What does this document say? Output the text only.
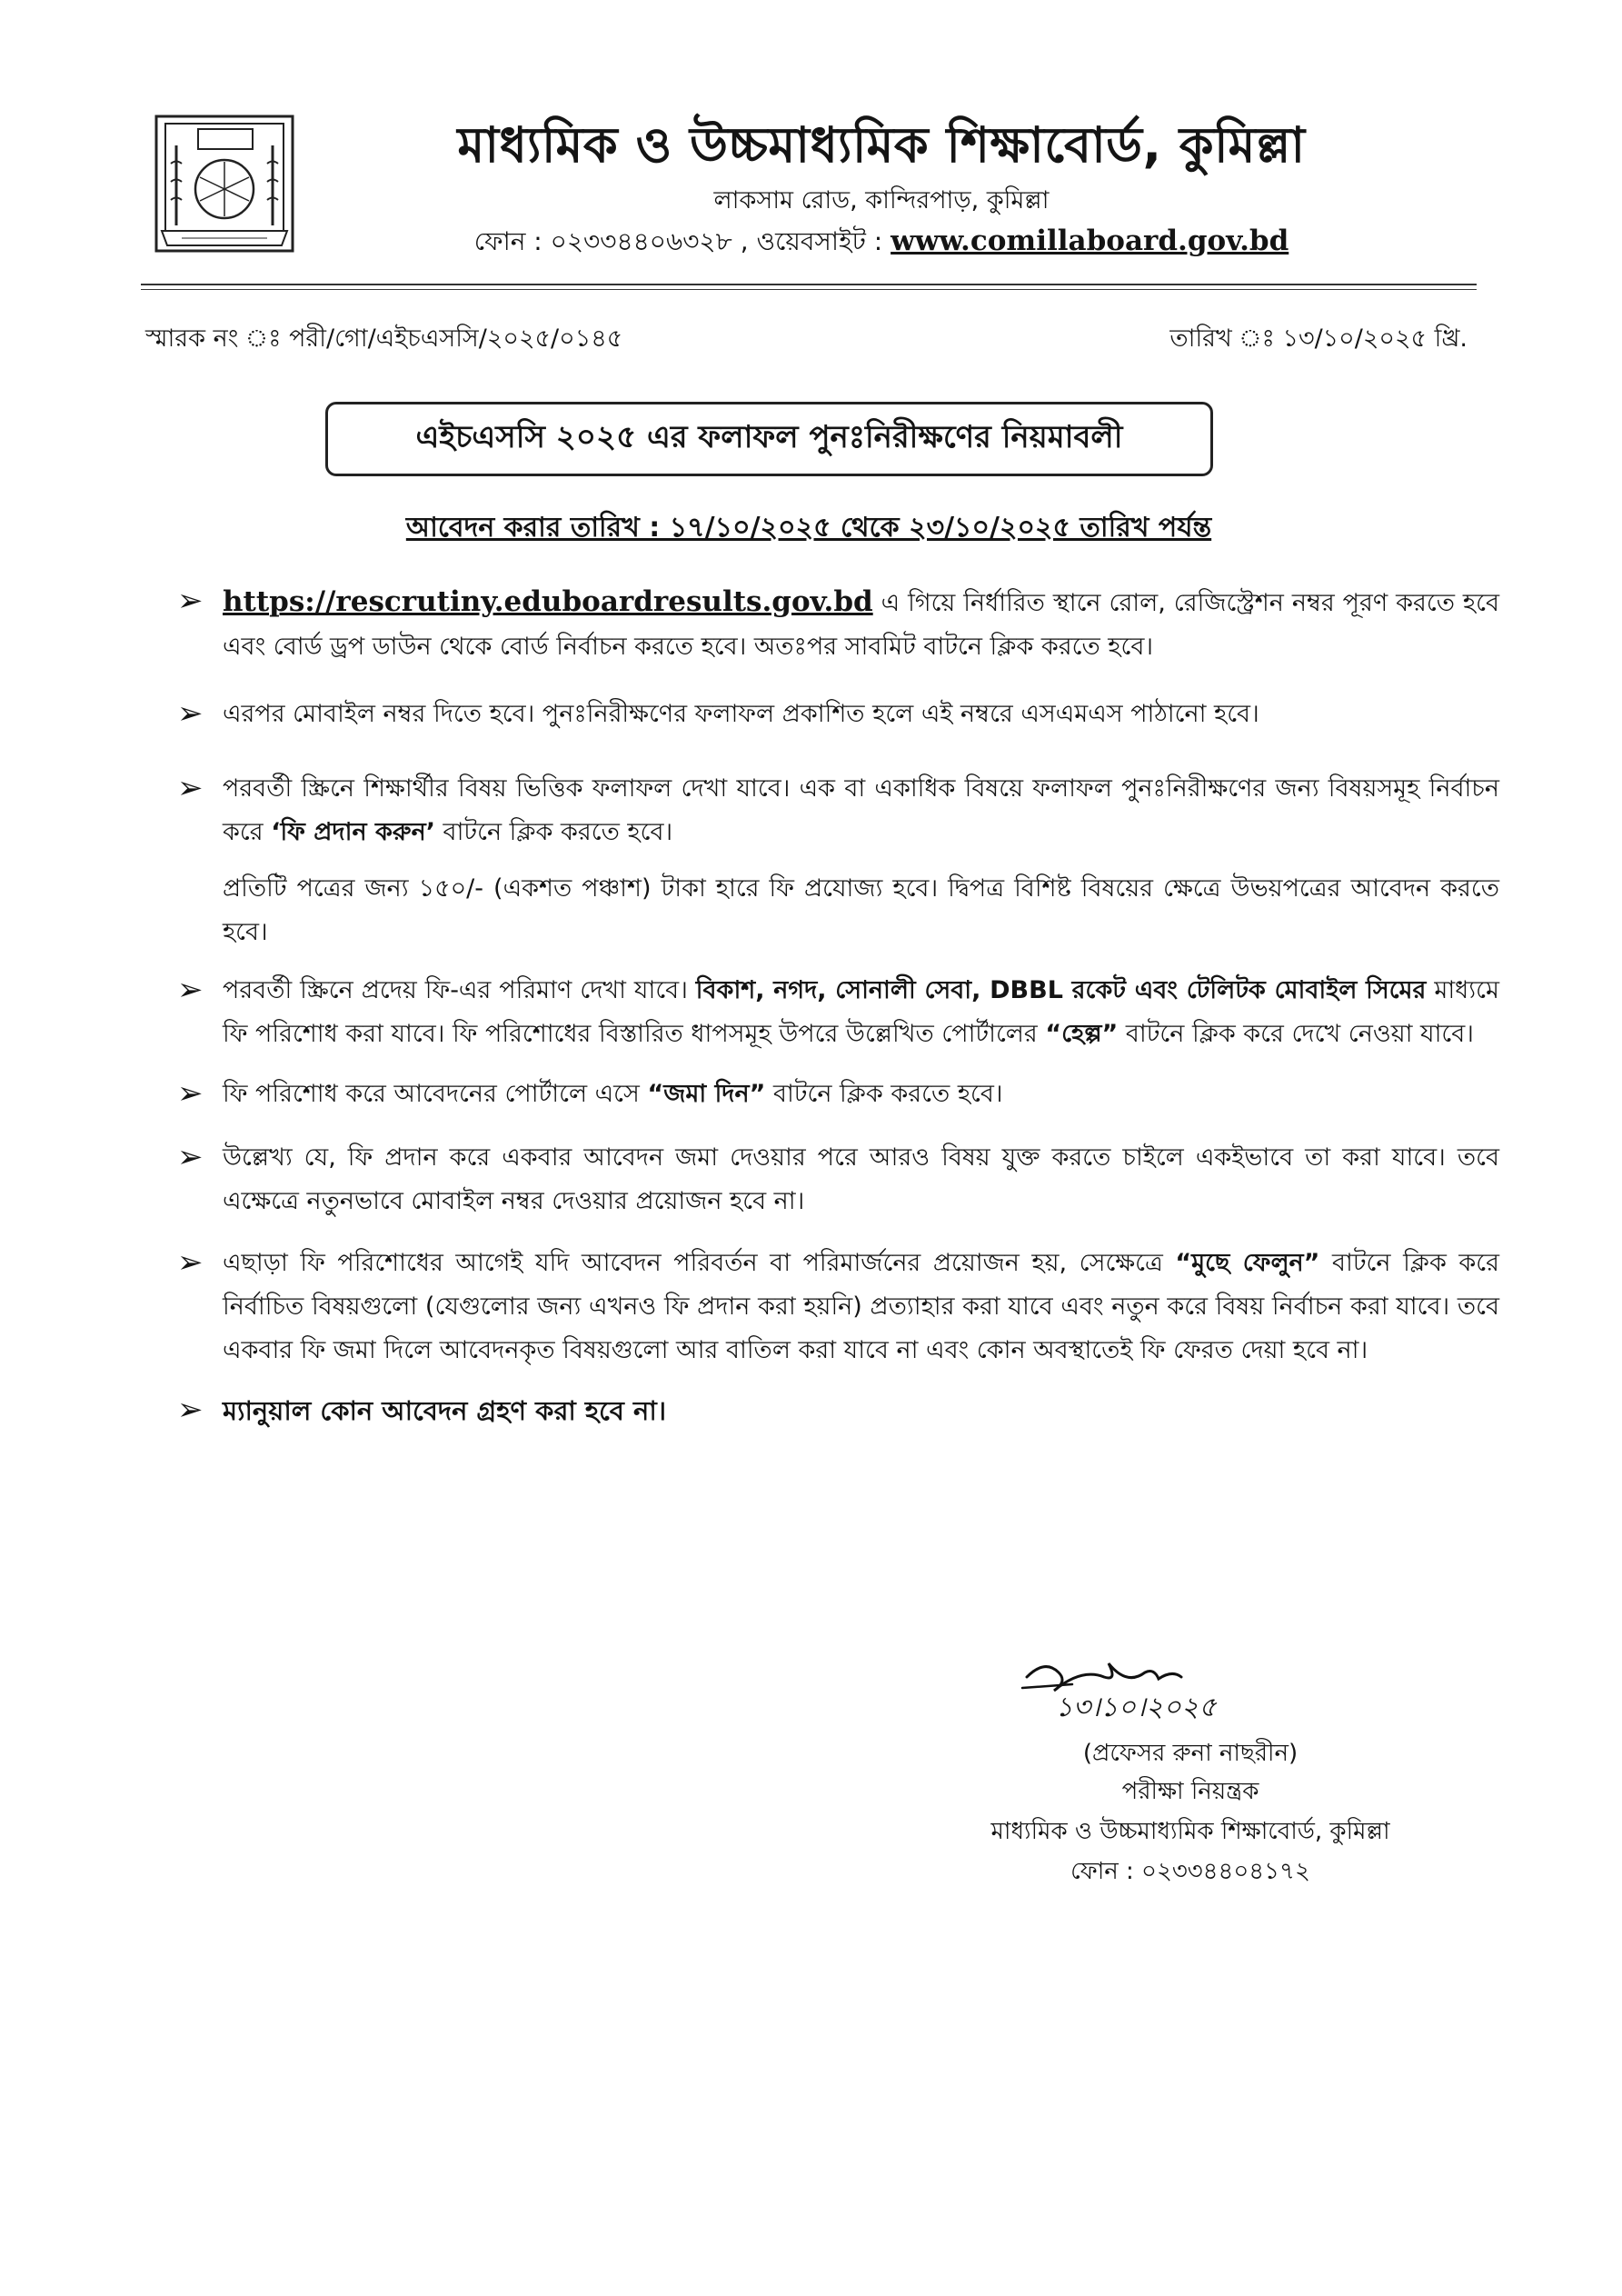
মাধ্যমিক ও উচ্চমাধ্যমিক শিক্ষাবোর্ড, কুমিল্লা
লাকসাম রোড, কান্দিরপাড়, কুমিল্লা
ফোন : ০২৩৩৪৪০৬৩২৮ , ওয়েবসাইট : www.comillaboard.gov.bd
স্মারক নং ঃ পরী/গো/এইচএসসি/২০২৫/০১৪৫	তারিখ ঃ ১৩/১০/২০২৫ খ্রি.
এইচএসসি ২০২৫ এর ফলাফল পুনঃনিরীক্ষণের নিয়মাবলী
আবেদন করার তারিখ : ১৭/১০/২০২৫ থেকে ২৩/১০/২০২৫ তারিখ পর্যন্ত
➢ https://rescrutiny.eduboardresults.gov.bd এ গিয়ে নির্ধারিত স্থানে রোল, রেজিস্ট্রেশন নম্বর পূরণ করতে হবে এবং বোর্ড ড্রপ ডাউন থেকে বোর্ড নির্বাচন করতে হবে। অতঃপর সাবমিট বাটনে ক্লিক করতে হবে।
➢ এরপর মোবাইল নম্বর দিতে হবে। পুনঃনিরীক্ষণের ফলাফল প্রকাশিত হলে এই নম্বরে এসএমএস পাঠানো হবে।
➢ পরবর্তী স্ক্রিনে শিক্ষার্থীর বিষয় ভিত্তিক ফলাফল দেখা যাবে। এক বা একাধিক বিষয়ে ফলাফল পুনঃনিরীক্ষণের জন্য বিষয়সমূহ নির্বাচন করে ‘ফি প্রদান করুন’ বাটনে ক্লিক করতে হবে।
প্রতিটি পত্রের জন্য ১৫০/- (একশত পঞ্চাশ) টাকা হারে ফি প্রযোজ্য হবে। দ্বিপত্র বিশিষ্ট বিষয়ের ক্ষেত্রে উভয়পত্রের আবেদন করতে হবে।
➢ পরবর্তী স্ক্রিনে প্রদেয় ফি-এর পরিমাণ দেখা যাবে। বিকাশ, নগদ, সোনালী সেবা, DBBL রকেট এবং টেলিটক মোবাইল সিমের মাধ্যমে ফি পরিশোধ করা যাবে। ফি পরিশোধের বিস্তারিত ধাপসমূহ উপরে উল্লেখিত পোর্টালের “হেল্প” বাটনে ক্লিক করে দেখে নেওয়া যাবে।
➢ ফি পরিশোধ করে আবেদনের পোর্টালে এসে “জমা দিন” বাটনে ক্লিক করতে হবে।
➢ উল্লেখ্য যে, ফি প্রদান করে একবার আবেদন জমা দেওয়ার পরে আরও বিষয় যুক্ত করতে চাইলে একইভাবে তা করা যাবে। তবে এক্ষেত্রে নতুনভাবে মোবাইল নম্বর দেওয়ার প্রয়োজন হবে না।
➢ এছাড়া ফি পরিশোধের আগেই যদি আবেদন পরিবর্তন বা পরিমার্জনের প্রয়োজন হয়, সেক্ষেত্রে “মুছে ফেলুন” বাটনে ক্লিক করে নির্বাচিত বিষয়গুলো (যেগুলোর জন্য এখনও ফি প্রদান করা হয়নি) প্রত্যাহার করা যাবে এবং নতুন করে বিষয় নির্বাচন করা যাবে। তবে একবার ফি জমা দিলে আবেদনকৃত বিষয়গুলো আর বাতিল করা যাবে না এবং কোন অবস্থাতেই ফি ফেরত দেয়া হবে না।
➢ ম্যানুয়াল কোন আবেদন গ্রহণ করা হবে না।
১৩।১০।২০২৫
(প্রফেসর রুনা নাছরীন)
পরীক্ষা নিয়ন্ত্রক
মাধ্যমিক ও উচ্চমাধ্যমিক শিক্ষাবোর্ড, কুমিল্লা
ফোন : ০২৩৩৪৪০৪১৭২
